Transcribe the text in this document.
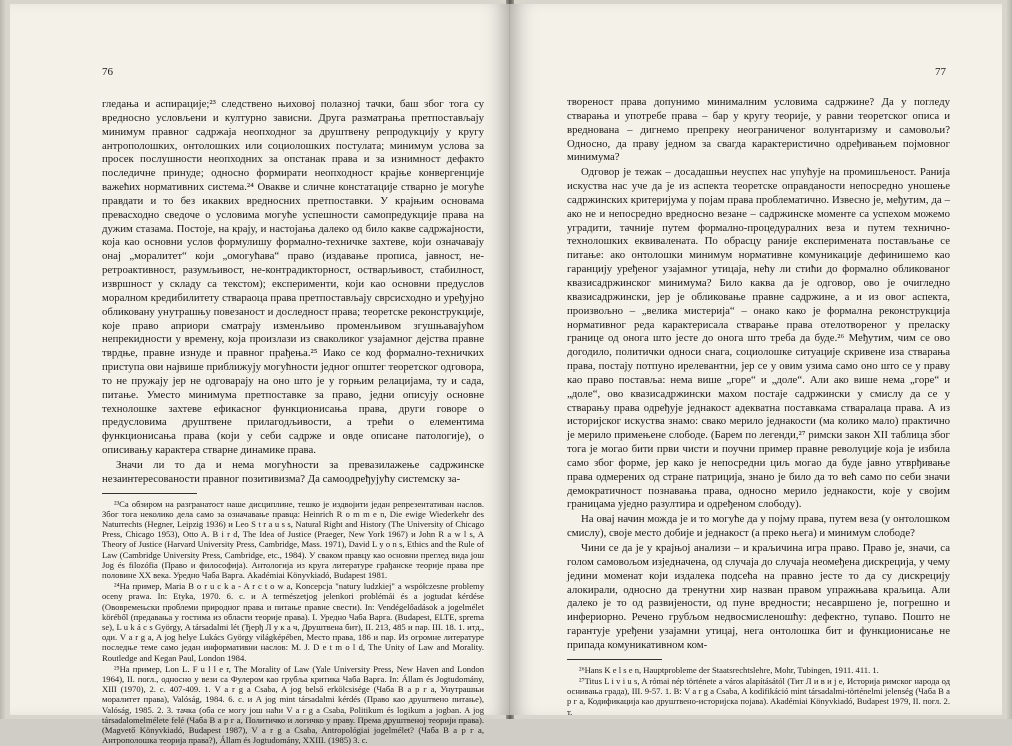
76

гледања и аспирације;²³ следствено њиховој полазној тачки, баш због тога су вредносно условљени и културно зависни. Друга разматрања претпостављају минимум правног садржаја неопходног за друштвену репродукцију у кругу антрополошких, онтолошких или социолошких постулата; минимум услова за просек послушности неопходних за опстанак права и за изнимност дефакто последичне принуде; односно формирати неопходност крајње конвергенције важећих нормативних система.²⁴ Овакве и сличне констатације стварно је могуће правдати и то без икаквих вредносних претпоставки. У крајњим основама превасходно сведоче о условима могуће успешности самопредукције права на дужим стазама. Постоје, на крају, и настојања далеко од било какве садржајности, која као основни услов формулишу формално-техничке захтеве, који означавају онај „моралитет“ који „омогућава“ право (издавање прописа, јавност, не-ретроактивност, разумљивост, не-контрадикторност, остварљивост, стабилност, извршност у складу са текстом); експерименти, који као основни предуслов моралном кредибилитету ствараоца права претпостављају сврсисходно и уређујно обликовану унутрашњу повезаност и доследност права; теоретске реконструкције, које право априори сматрају изменљиво променљивом згушњавајућом непрекидности у времену, која произлази из сваколиког узајамног дејства правне тврдње, правне изнуде и правног прађења.²⁵ Иако се код формално-техничких приступа ови највише приближују могућности једног општег теоретског одговора, то не пружају јер не одговарају на оно што је у горњим релацијама, ту и сада, питање. Уместо минимума претпоставке за право, једни описују основне технолошке захтеве ефикасног функционисања права, други говоре о предусловима друштвене прилагодљивости, а трећи о елементима функционисања права (који у себи садрже и овде описане патологије), о описивању карактера стварне динамике права.

Значи ли то да и нема могућности за превазилажење садржинске незаинтересованости правног позитивизма? Да самоодређујућу системску за-

²³Са обзиром на разгранатост наше дисциплине, тешко је издвојити један репрезентативан наслов. Због тога неколико дела само за означавање правца: Heinrich R o m m e n, Die ewige Wiederkehr des Naturrechts (Hegner, Leipzig 1936) и Leo S t r a u s s, Natural Right and History (The University of Chicago Press, Chicago 1953), Otto A. B i r d, The Idea of Justice (Praeger, New York 1967) и John R a w l s, A Theory of Justice (Harvard University Press, Cambridge, Mass. 1971), David L y o n s, Ethics and the Rule of Law (Cambridge University Press, Cambridge, etc., 1984). У сваком правцу као основни преглед вида још Jog és filozófia (Право и философија). Антологија из круга литературе грађанске теорије права пре половине XX века. Уредно Чаба Варга. Akadémiai Könyvkiadó, Budapest 1981.

²⁴На пример, Maria B o r u c k a - A r c t o w a, Koncepcja "natury ludzkiej" a współczesne problemy oceny prawa. In: Etyka, 1970. 6. с. и A természetjog jelenkori problémái és a jogtudat kérdése (Ововремењски проблеми природног права и питање правне свести). In: Vendégelőadások a jogelmélet köréből (предавања у гостима из области теорије права). І. Уредно Чаба Варга. (Budapest, ELTE, sprema se), L u k á c s György, A társadalmi lét (Ђерђ Л у к а ч, Друштвена бит), II. 213, 485 и пар. III. 18. 1. итд., оди. V a r g a, A jog helye Lukács György világképében, Место права, 186 и пар. Из огромне литературе последње теме само један информативни наслов: M. J. D e t m o l d, The Unity of Law and Morality. Routledge and Kegan Paul, London 1984.

²⁵На пример, Lon L. F u l l e r, The Morality of Law (Yale University Press, New Haven and London 1964), II. погл., односно у вези са Фулером као грубља критика Чаба Варга. In: Állam és Jogtudomány, XIII (1970), 2. с. 407-409. 1. V a r g a Csaba, A jog belső erkölcsisége (Чаба В а р г а, Унутрашњи моралитет права), Valóság, 1984. 6. с. и A jog mint társadalmi kérdés (Право као друштвено питање), Valóság, 1985. 2. 3. тачка (оба се могу још наћи V a r g a Csaba, Politikum és logikum a jogban. A jog társadalomelmélete felé (Чаба В а р г а, Политичко и логичко у праву. Према друштвеној теорији права). (Magvető Könyvkiadó, Budapest 1987), V a r g a Csaba, Antropológiai jogelmélet? (Чаба В а р г а, Антрополошка теорија права?), Állam és Jogtudomány, XXIII. (1985) 3. с.

77

твореност права допунимо минималним условима садржине? Да у погледу стварања и употребе права – бар у кругу теорије, у равни теоретског описа и вреднована – дигнемо препреку неограниченог волунтаризму и самовољи? Односно, да праву једном за свагда карактеристично одређивањем појмовног минимума?

Одговор је тежак – досадашњи неуспех нас упућује на промишљеност. Ранија искуства нас уче да је из аспекта теоретске оправданости непосредно уношење садржинских критеријума у појам права проблематично. Извесно је, међутим, да – ако не и непосредно вредносно везане – садржинске моменте са успехом можемо уградити, тачније путем формално-процедуралних веза и путем технично-технолошких еквивалената. По обрасцу раније експеримената постављање се питање: ако онтолошки минимум нормативне комуникације дефинишемо као гаранцију уређеног узајамног утицаја, нећу ли стићи до формално обликованог квазисадржинског минимума? Било каква да је одговор, ово је очигледно квазисадржински, јер је обликовање правне садржине, а и из овог аспекта, произвољно – „велика мистерија“ – онако како је формална реконструкција нормативног реда карактерисала стварање права отелотвореног у преласку границе од онога што јесте до онога што треба да буде.²⁶ Међутим, чим се ово догодило, политички односи снага, социолошке ситуације скривене иза стварања права, постају потпуно ирелевантни, јер се у овим узима само оно што се у праву као право поставља: нема више „горе“ и „доле“. Али ако више нема „горе“ и „доле“, ово квазисадржински махом постаје садржински у смислу да се у стварању права одређује једнакост адекватна поставкама стваралаца права. А из историјског искуства знамо: свако мерило једнакости (ма колико мало) практично је мерило примењене слободе. (Барем по легенди,²⁷ римски закон XII таблица због тога је могао бити први чисти и поучни пример правне револуције која је избила само због форме, јер како је непосредни циљ могао да буде јавно утврђивање права одмерених од стране патриција, знано је било да то већ само по себи значи демократичност познавања права, односно мерило једнакости, које у својим границама уједно разултира и одређеном слободу).

На овај начин можда је и то могуће да у појму права, путем веза (у онтолошком смислу), своје место добије и једнакост (а преко њега) и минимум слободе?

Чини се да је у крајњој анализи – и краљичина игра право. Право је, значи, са голом самовољом изједначена, од случаја до случаја неомеђена дискреција, у чему једини моменат који издалека подсећа на правно јесте то да су дискрецију алокирали, односно да тренутни хир назван правом упражњава краљица. Али далеко је то од развијености, од пуне вредности; несавршено је, погрешно и инфериорно. Речено грубљом недвосмисленошћу: дефектно, тупаво. Пошто не гарантује уређени узајамни утицај, нега онтолошка бит и функционисање не припада комуникативном ком-

²⁶Hans K e l s e n, Hauptprobleme der Staatsrechtslehre, Mohr, Tubingen, 1911. 411. 1.

²⁷Titus L i v i u s, A római nép története a város alapításától (Тит Л и в и ј е, Историја римског народа од оснивања града), III. 9-57. 1. В: V a r g a Csaba, A kodifikáció mint társadalmi-történelmi jelenség (Чаба В а р г а, Кодификација као друштвено-историјска појава). Akadémiai Könyvkiadó, Budapest 1979, II. погл. 2. т.
